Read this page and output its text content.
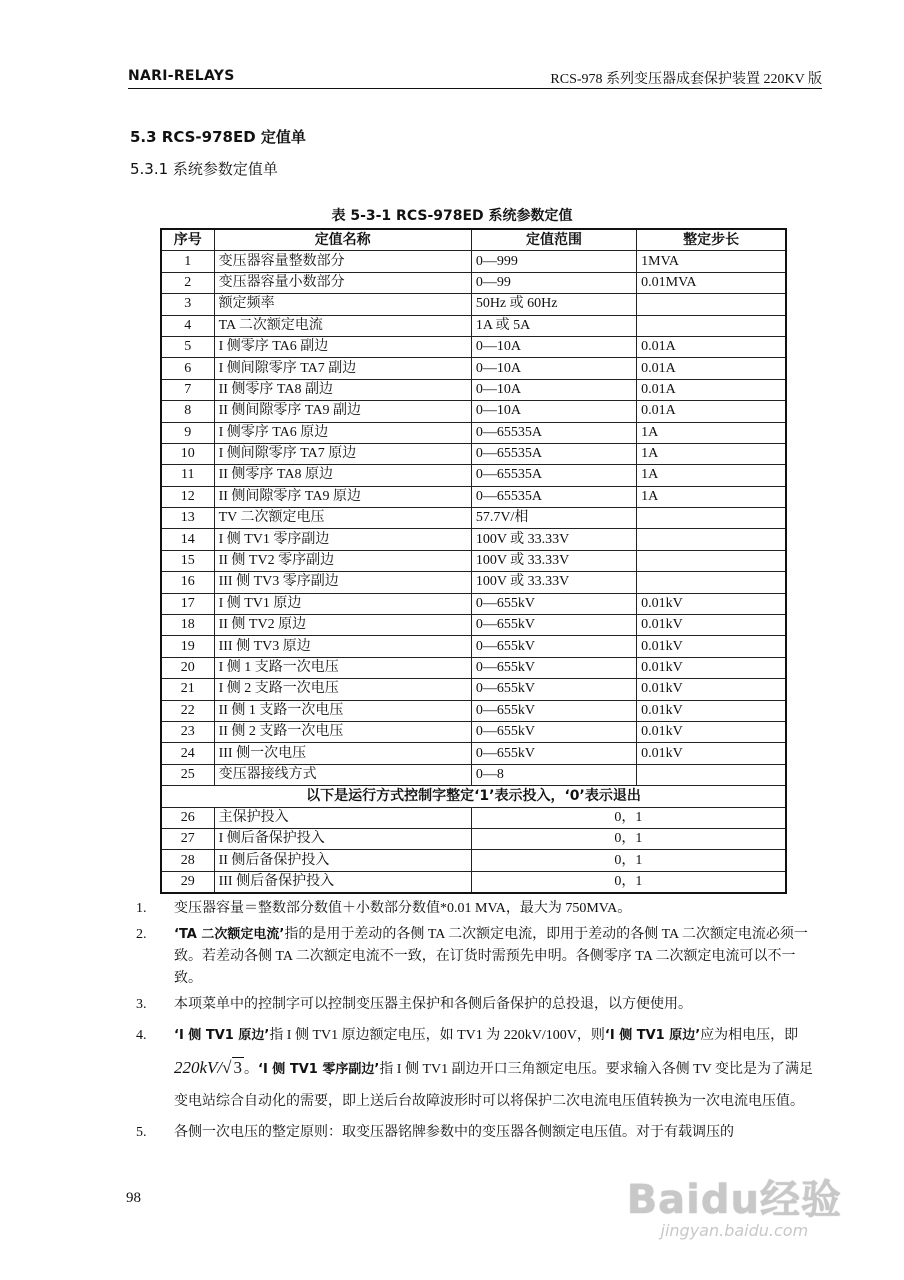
NARI-RELAYS	RCS-978 系列变压器成套保护装置 220KV 版
5.3 RCS-978ED 定值单
5.3.1 系统参数定值单
表 5-3-1 RCS-978ED 系统参数定值
序号	定值名称	定值范围	整定步长
1	变压器容量整数部分	0—999	1MVA
2	变压器容量小数部分	0—99	0.01MVA
3	额定频率	50Hz 或 60Hz	
4	TA 二次额定电流	1A 或 5A	
5	I 侧零序 TA6 副边	0—10A	0.01A
6	I 侧间隙零序 TA7 副边	0—10A	0.01A
7	II 侧零序 TA8 副边	0—10A	0.01A
8	II 侧间隙零序 TA9 副边	0—10A	0.01A
9	I 侧零序 TA6 原边	0—65535A	1A
10	I 侧间隙零序 TA7 原边	0—65535A	1A
11	II 侧零序 TA8 原边	0—65535A	1A
12	II 侧间隙零序 TA9 原边	0—65535A	1A
13	TV 二次额定电压	57.7V/相	
14	I 侧 TV1 零序副边	100V 或 33.33V	
15	II 侧 TV2 零序副边	100V 或 33.33V	
16	III 侧 TV3 零序副边	100V 或 33.33V	
17	I 侧 TV1 原边	0—655kV	0.01kV
18	II 侧 TV2 原边	0—655kV	0.01kV
19	III 侧 TV3 原边	0—655kV	0.01kV
20	I 侧 1 支路一次电压	0—655kV	0.01kV
21	I 侧 2 支路一次电压	0—655kV	0.01kV
22	II 侧 1 支路一次电压	0—655kV	0.01kV
23	II 侧 2 支路一次电压	0—655kV	0.01kV
24	III 侧一次电压	0—655kV	0.01kV
25	变压器接线方式	0—8	
以下是运行方式控制字整定‘1’表示投入，‘0’表示退出			
26	主保护投入	0，1	
27	I 侧后备保护投入	0，1	
28	II 侧后备保护投入	0，1	
29	III 侧后备保护投入	0，1	
1. 变压器容量＝整数部分数值＋小数部分数值*0.01 MVA，最大为 750MVA。
2. ‘TA 二次额定电流’指的是用于差动的各侧 TA 二次额定电流，即用于差动的各侧 TA 二次额定电流必须一致。若差动各侧 TA 二次额定电流不一致，在订货时需预先申明。各侧零序 TA 二次额定电流可以不一致。
3. 本项菜单中的控制字可以控制变压器主保护和各侧后备保护的总投退，以方便使用。
4. ‘I 侧 TV1 原边’指 I 侧 TV1 原边额定电压，如 TV1 为 220kV/100V，则‘I 侧 TV1 原边’应为相电压，即220kV/√ 3 。‘I 侧 TV1 零序副边’指 I 侧 TV1 副边开口三角额定电压。要求输入各侧 TV 变比是为了满足变电站综合自动化的需要，即上送后台故障波形时可以将保护二次电流电压值转换为一次电流电压值。
5. 各侧一次电压的整定原则：取变压器铭牌参数中的变压器各侧额定电压值。对于有载调压的
98	Baidu经验
jingyan.baidu.com
